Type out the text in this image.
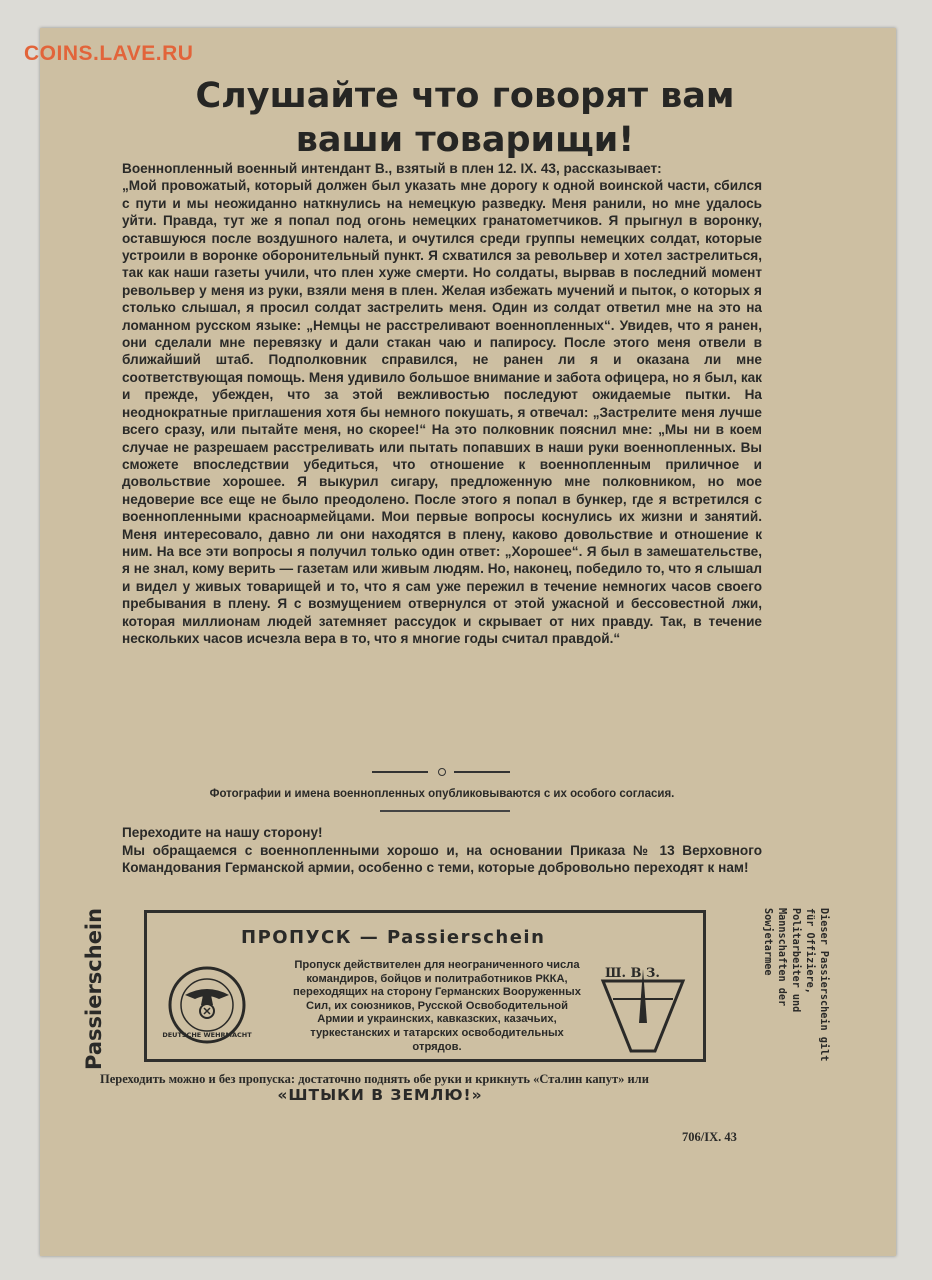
COINS.LAVE.RU
Слушайте что говорят вам
ваши товарищи!

Военнопленный военный интендант В., взятый в плен 12. IX. 43, рассказывает:

„Мой провожатый, который должен был указать мне дорогу к одной воинской части, сбился с пути и мы неожиданно наткнулись на немецкую разведку. Меня ранили, но мне удалось уйти. Правда, тут же я попал под огонь немецких гранатометчиков. Я прыгнул в воронку, оставшуюся после воздушного налета, и очутился среди группы немецких солдат, которые устроили в воронке оборонительный пункт. Я схватился за револьвер и хотел застрелиться, так как наши газеты учили, что плен хуже смерти. Но солдаты, вырвав в последний момент револьвер у меня из руки, взяли меня в плен. Желая избежать мучений и пыток, о которых я столько слышал, я просил солдат застрелить меня. Один из солдат ответил мне на это на ломанном русском языке: „Немцы не расстреливают военнопленных“. Увидев, что я ранен, они сделали мне перевязку и дали стакан чаю и папиросу. После этого меня отвели в ближайший штаб. Подполковник справился, не ранен ли я и оказана ли мне соответствующая помощь. Меня удивило большое внимание и забота офицера, но я был, как и прежде, убежден, что за этой вежливостью последуют ожидаемые пытки. На неоднократные приглашения хотя бы немного покушать, я отвечал: „Застрелите меня лучше всего сразу, или пытайте меня, но скорее!“ На это полковник пояснил мне: „Мы ни в коем случае не разрешаем расстреливать или пытать попавших в наши руки военнопленных. Вы сможете впоследствии убедиться, что отношение к военнопленным приличное и довольствие хорошее. Я выкурил сигару, предложенную мне полковником, но мое недоверие все еще не было преодолено. После этого я попал в бункер, где я встретился с военнопленными красноармейцами. Мои первые вопросы коснулись их жизни и занятий. Меня интересовало, давно ли они находятся в плену, каково довольствие и отношение к ним. На все эти вопросы я получил только один ответ: „Хорошее“. Я был в замешательстве, я не знал, кому верить — газетам или живым людям. Но, наконец, победило то, что я слышал и видел у живых товарищей и то, что я сам уже пережил в течение немногих часов своего пребывания в плену. Я с возмущением отвернулся от этой ужасной и бессовестной лжи, которая миллионам людей затемняет рассудок и скрывает от них правду. Так, в течение нескольких часов исчезла вера в то, что я многие годы считал правдой.“

Фотографии и имена военнопленных опубликовываются с их особого согласия.
Переходите на нашу сторону!
Мы обращаемся с военнопленными хорошо и, на основании Приказа № 13 Верховного Командования Германской армии, особенно с теми, которые добровольно переходят к нам!
Passierschein	Dieser Passierschein gilt für Offiziere, Politarbeiter und Mannschaften der Sowjetarmee
ПРОПУСК — Passierschein
Пропуск действителен для неограниченного числа командиров, бойцов и политработников РККА, переходящих на сторону Германских Вооруженных Сил, их союзников, Русской Освободительной Армии и украинских, кавказских, казачьих, туркестанских и татарских освободительных отрядов.
DEUTSCHE WEHRMACHT
Ш. В З.
Переходить можно и без пропуска: достаточно поднять обе руки и крикнуть «Сталин капут» или
«ШТЫКИ В ЗЕМЛЮ!»
706/IX. 43
